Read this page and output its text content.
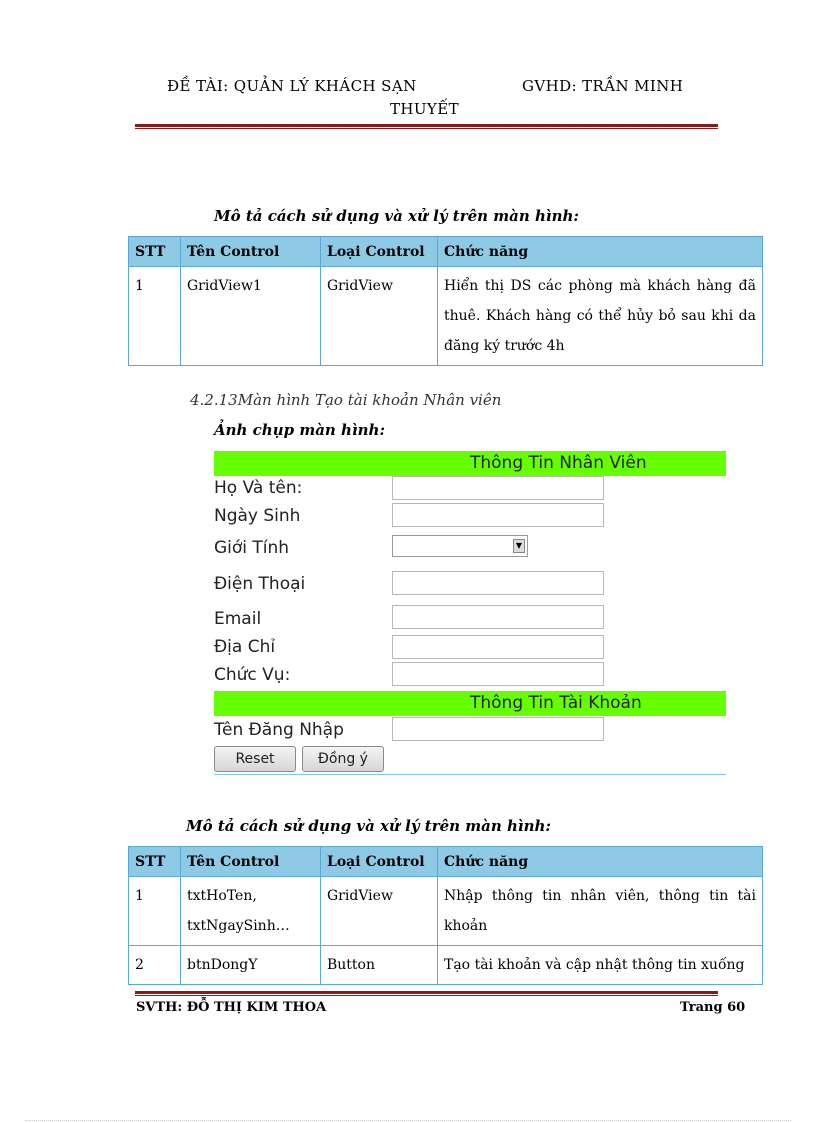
ĐỀ TÀI: QUẢN LÝ KHÁCH SẠN	GVHD: TRẦN MINH
THUYẾT
Mô tả cách sử dụng và xử lý trên màn hình:
STT	Tên Control	Loại Control	Chức năng
1	GridView1	GridView	Hiển thị DS các phòng mà khách hàng đã thuê. Khách hàng có thể hủy bỏ sau khi da đăng ký trước 4h
4.2.13Màn hình Tạo tài khoản Nhân viên
Ảnh chụp màn hình:
Thông Tin Nhân Viên
Họ Và tên:
Ngày Sinh
Giới Tính	▼
Điện Thoại
Email
Địa Chỉ
Chức Vụ:
Thông Tin Tài Khoản
Tên Đăng Nhập
Reset	Đồng ý
Mô tả cách sử dụng và xử lý trên màn hình:
STT	Tên Control	Loại Control	Chức năng
1	txtHoTen, txtNgaySinh…	GridView	Nhập thông tin nhân viên, thông tin tài khoản
2	btnDongY	Button	Tạo tài khoản và cập nhật thông tin xuống
SVTH: ĐỖ THỊ KIM THOA	Trang 60
